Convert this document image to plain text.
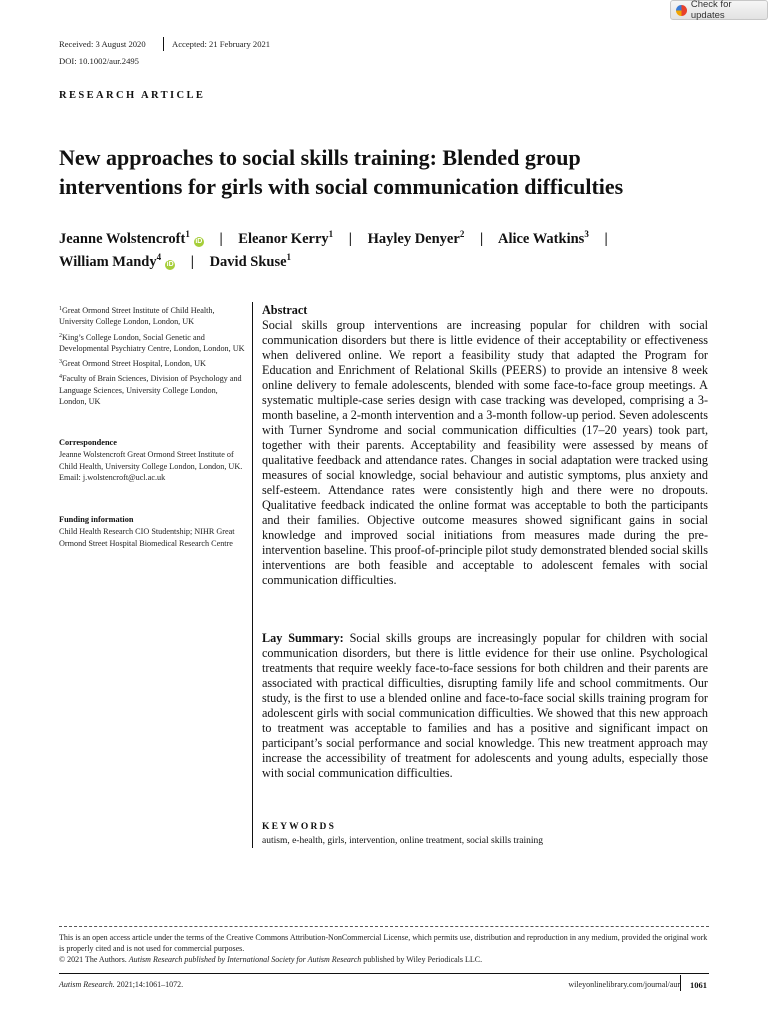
Check for updates
Received: 3 August 2020	Accepted: 21 February 2021
DOI: 10.1002/aur.2495
RESEARCH ARTICLE
New approaches to social skills training: Blended group
interventions for girls with social communication difficulties
Jeanne Wolstencroft$^1$iD | Eleanor Kerry$^1$ | Hayley Denyer$^2$ | Alice Watkins$^3$ |
William Mandy$^4$iD | David Skuse$^1$

$^1$Great Ormond Street Institute of Child Health, University College London, London, UK

$^2$King’s College London, Social Genetic and Developmental Psychiatry Centre, London, London, UK

$^3$Great Ormond Street Hospital, London, UK

$^4$Faculty of Brain Sciences, Division of Psychology and Language Sciences, University College London, London, UK

Correspondence
Jeanne Wolstencroft Great Ormond Street Institute of Child Health, University College London, London, UK.
Email: j.wolstencroft@ucl.ac.uk
Funding information
Child Health Research CIO Studentship; NIHR Great Ormond Street Hospital Biomedical Research Centre
Abstract

Social skills group interventions are increasing popular for children with social communication disorders but there is little evidence of their acceptability or effectiveness when delivered online. We report a feasibility study that adapted the Program for Education and Enrichment of Relational Skills (PEERS) to provide an intensive 8 week online delivery to female adolescents, blended with some face-to-face group meetings. A systematic multiple-case series design with case tracking was developed, comprising a 3-month baseline, a 2-month intervention and a 3-month follow-up period. Seven adolescents with Turner Syndrome and social communication difficulties (17–20 years) took part, together with their parents. Acceptability and feasibility were assessed by means of qualitative feedback and attendance rates. Changes in social adaptation were tracked using measures of social knowledge, social behaviour and autistic symptoms, plus anxiety and self-esteem. Attendance rates were consistently high and there were no dropouts. Qualitative feedback indicated the online format was acceptable to both the participants and their families. Objective outcome measures showed significant gains in social knowledge and improved social initiations from measures made during the pre-intervention baseline. This proof-of-principle pilot study demonstrated blended social skills interventions are both feasible and acceptable to adolescent females with social communication difficulties.

Lay Summary: Social skills groups are increasingly popular for children with social communication disorders, but there is little evidence for their use online. Psychological treatments that require weekly face-to-face sessions for both children and their parents are associated with practical difficulties, disrupting family life and school commitments. Our study, is the first to use a blended online and face-to-face social skills training program for adolescent girls with social communication difficulties. We showed that this new approach to treatment was acceptable to families and has a positive and significant impact on participant’s social performance and social knowledge. This new treatment approach may increase the accessibility of treatment for adolescents and young adults, especially those with social communication difficulties.

KEYWORDS
autism, e-health, girls, intervention, online treatment, social skills training
This is an open access article under the terms of the Creative Commons Attribution-NonCommercial License, which permits use, distribution and reproduction in any medium, provided the original work is properly cited and is not used for commercial purposes.
© 2021 The Authors. Autism Research published by International Society for Autism Research published by Wiley Periodicals LLC.
Autism Research. 2021;14:1061–1072.	wileyonlinelibrary.com/journal/aur 1061
